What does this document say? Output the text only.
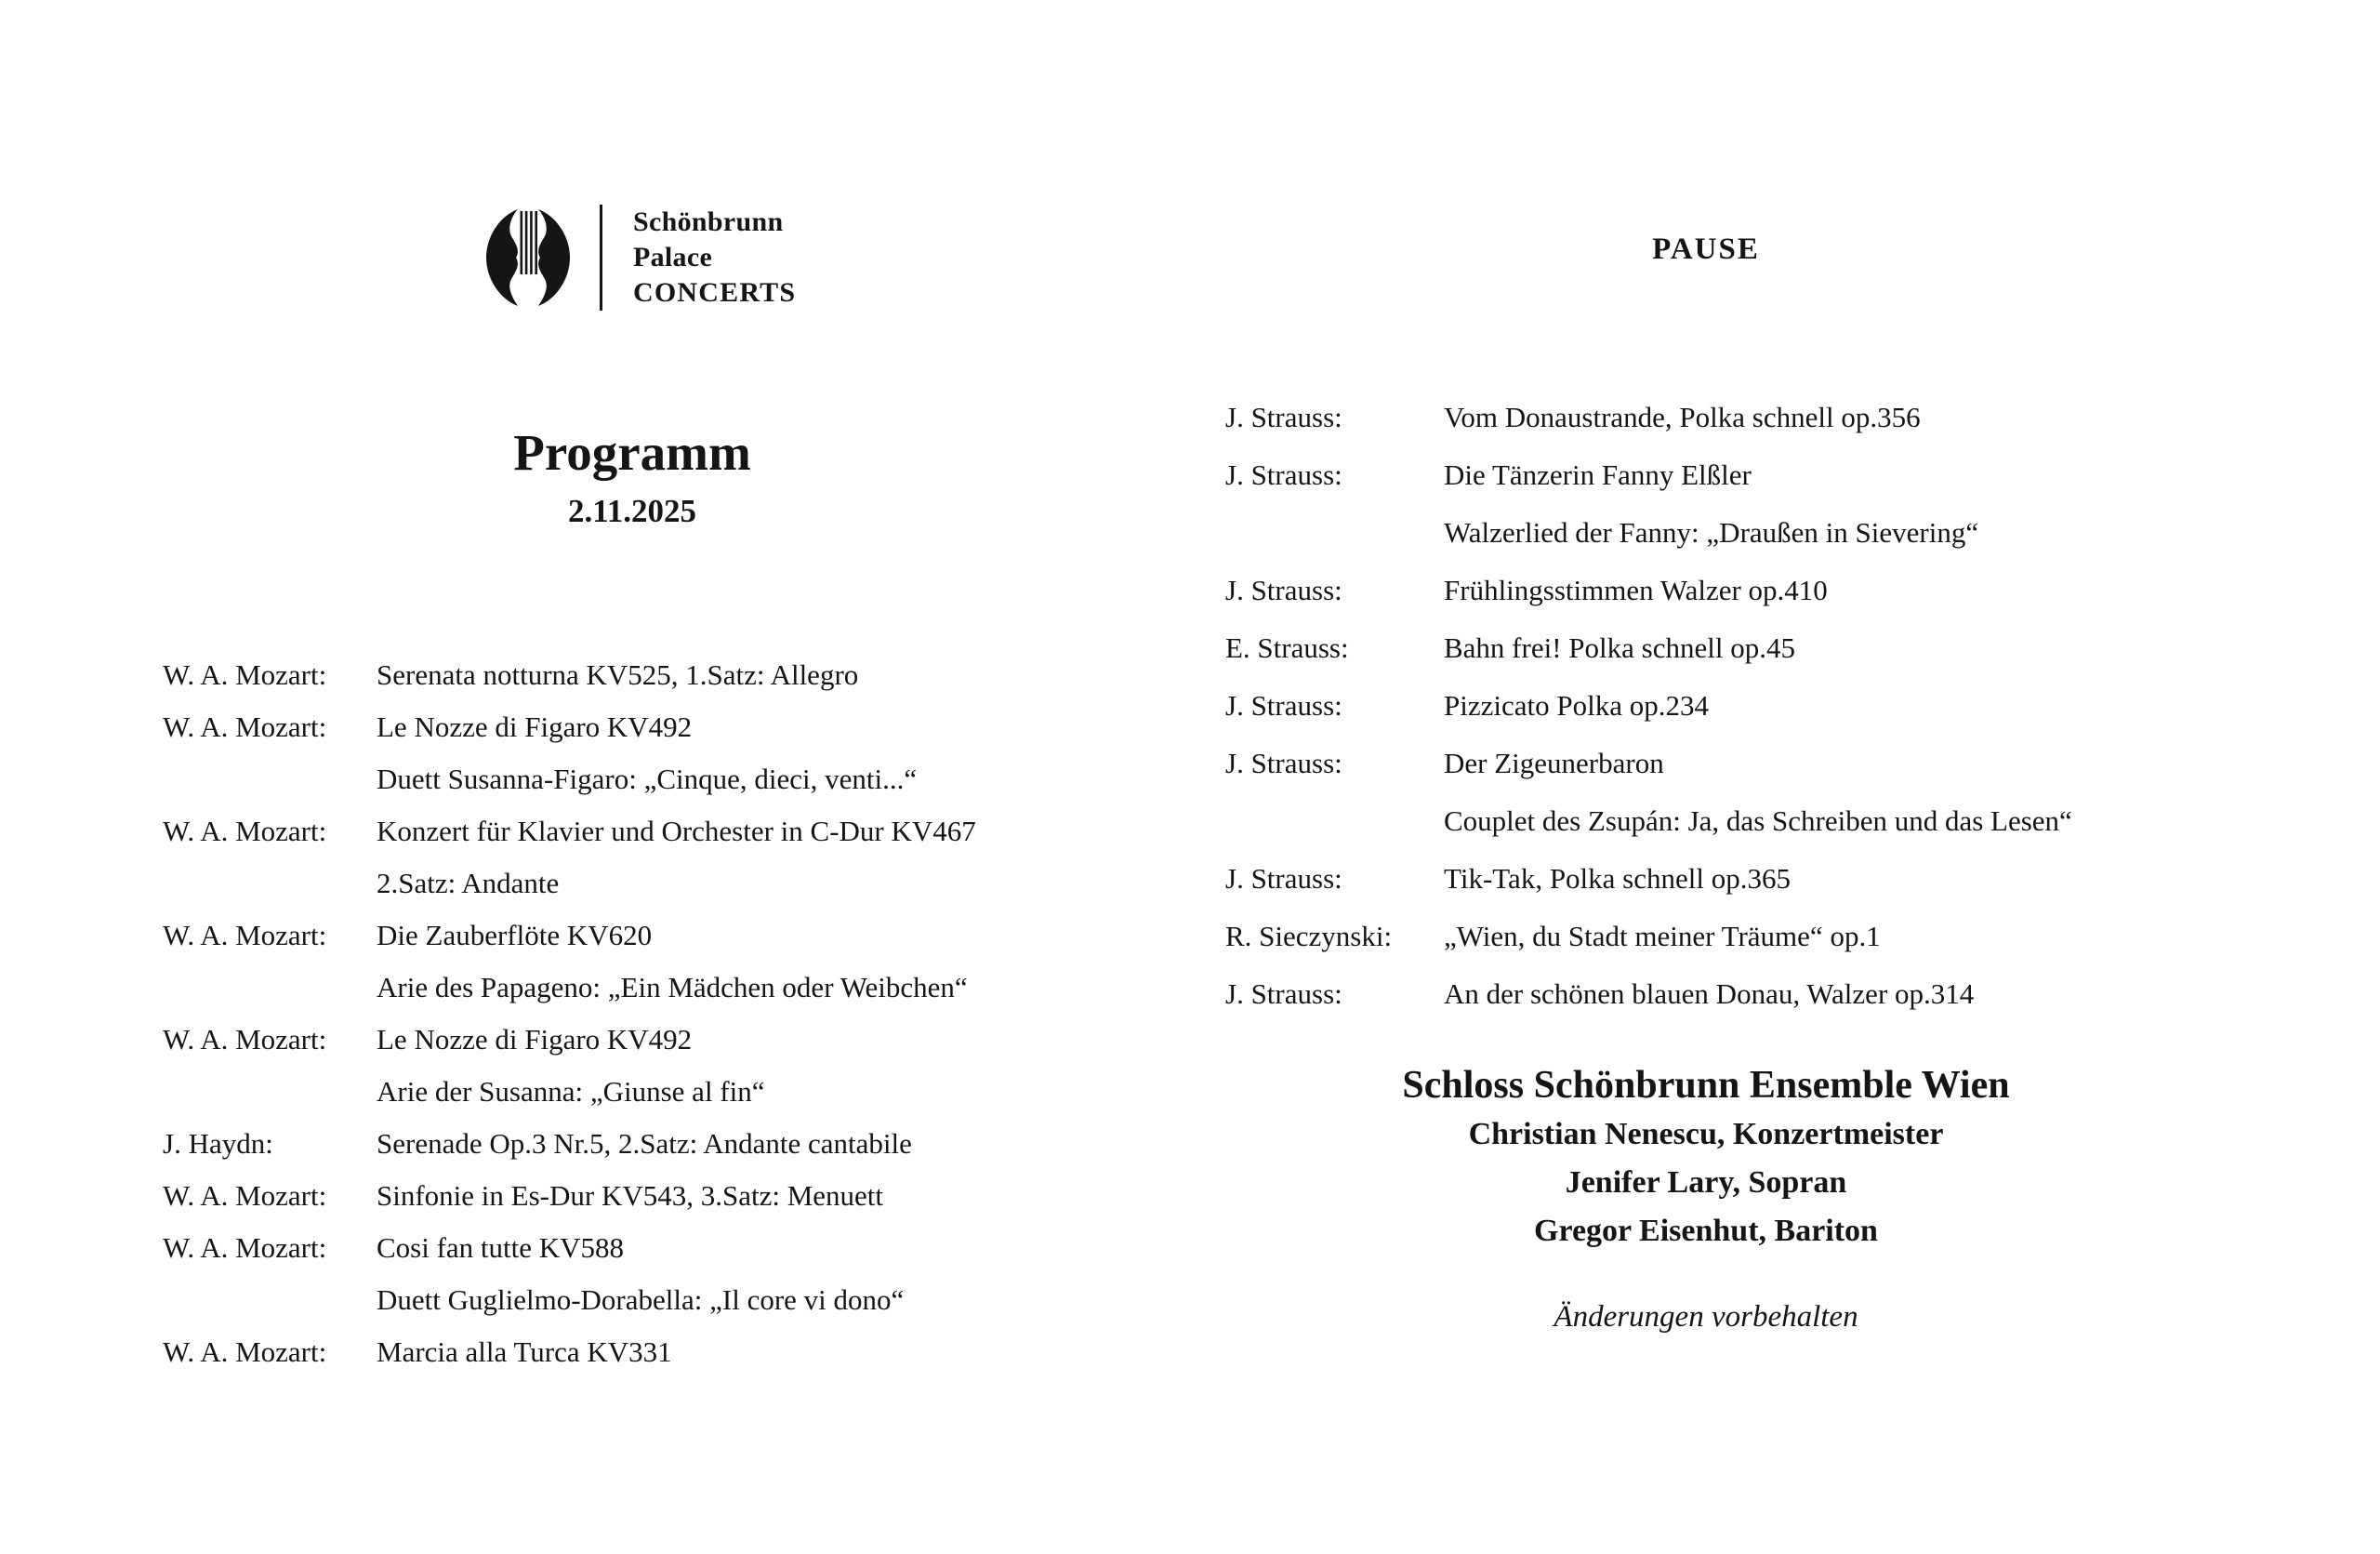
Schönbrunn
Palace
CONCERTS
Programm
2.11.2025
W. A. Mozart:	Serenata notturna KV525, 1.Satz: Allegro
W. A. Mozart:	Le Nozze di Figaro KV492
Duett Susanna-Figaro: „Cinque, dieci, venti...“
W. A. Mozart:	Konzert für Klavier und Orchester in C-Dur KV467
2.Satz: Andante
W. A. Mozart:	Die Zauberflöte KV620
Arie des Papageno: „Ein Mädchen oder Weibchen“
W. A. Mozart:	Le Nozze di Figaro KV492
Arie der Susanna: „Giunse al fin“
J. Haydn:	Serenade Op.3 Nr.5, 2.Satz: Andante cantabile
W. A. Mozart:	Sinfonie in Es-Dur KV543, 3.Satz: Menuett
W. A. Mozart:	Cosi fan tutte KV588
Duett Guglielmo-Dorabella: „Il core vi dono“
W. A. Mozart:	Marcia alla Turca KV331
PAUSE
J. Strauss:	Vom Donaustrande, Polka schnell op.356
J. Strauss:	Die Tänzerin Fanny Elßler
Walzerlied der Fanny: „Draußen in Sievering“
J. Strauss:	Frühlingsstimmen Walzer op.410
E. Strauss:	Bahn frei! Polka schnell op.45
J. Strauss:	Pizzicato Polka op.234
J. Strauss:	Der Zigeunerbaron
Couplet des Zsupán: Ja, das Schreiben und das Lesen“
J. Strauss:	Tik-Tak, Polka schnell op.365
R. Sieczynski:	„Wien, du Stadt meiner Träume“ op.1
J. Strauss:	An der schönen blauen Donau, Walzer op.314
Schloss Schönbrunn Ensemble Wien
Christian Nenescu, Konzertmeister
Jenifer Lary, Sopran
Gregor Eisenhut, Bariton
Änderungen vorbehalten
